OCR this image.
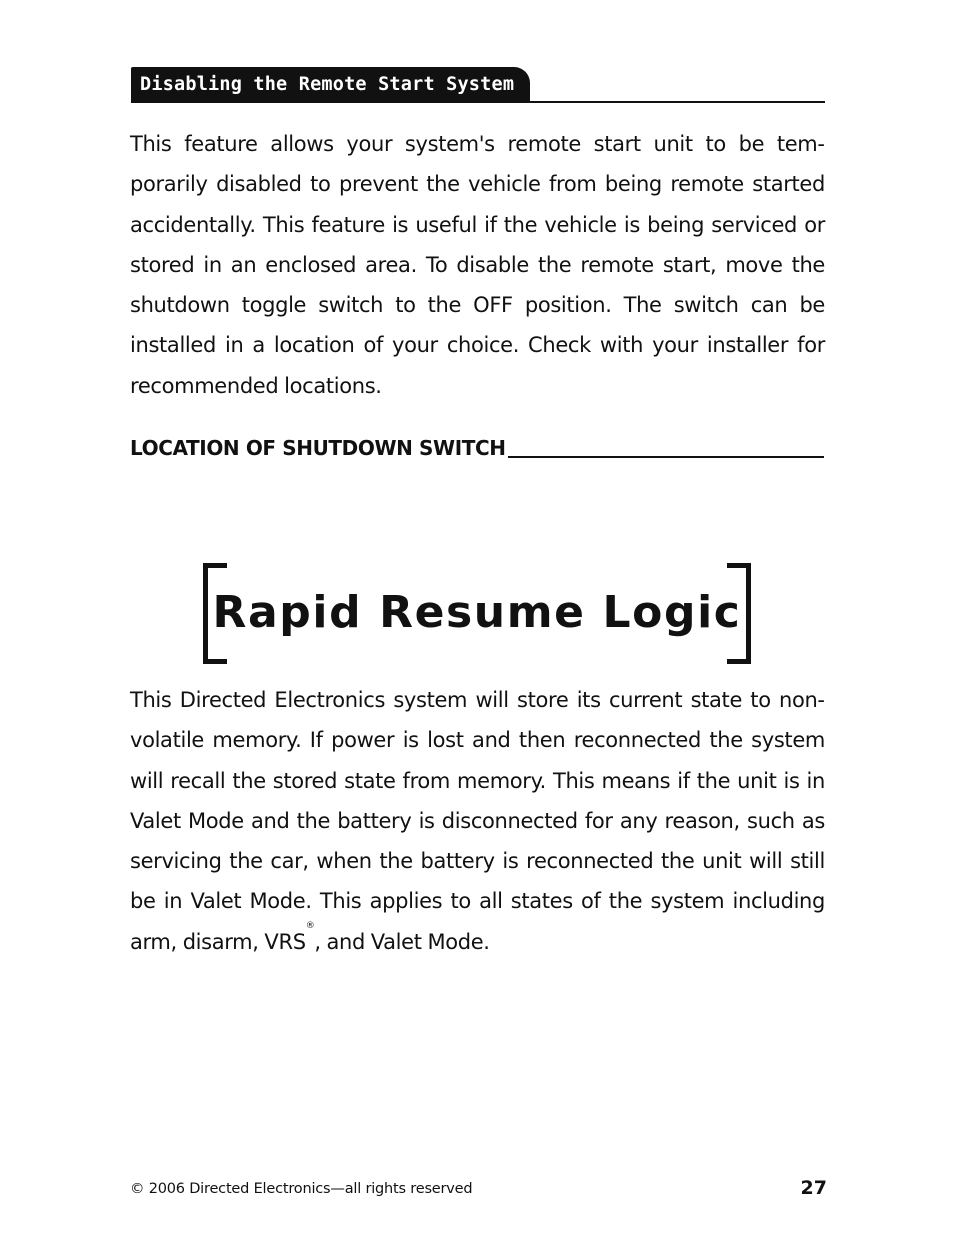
Disabling the Remote Start System

This feature allows your system's remote start unit to be temporarily disabled to prevent the vehicle from being remote started accidentally. This feature is useful if the vehicle is being serviced or stored in an enclosed area. To disable the remote start, move the shutdown toggle switch to the OFF position. The switch can be installed in a location of your choice. Check with your installer for recommended locations.

LOCATION OF SHUTDOWN SWITCH
Rapid Resume Logic

This Directed Electronics system will store its current state to nonvolatile memory. If power is lost and then reconnected the system will recall the stored state from memory. This means if the unit is in Valet Mode and the battery is disconnected for any reason, such as servicing the car, when the battery is reconnected the unit will still be in Valet Mode. This applies to all states of the system including arm, disarm, VRS®, and Valet Mode.

© 2006 Directed Electronics—all rights reserved	27
